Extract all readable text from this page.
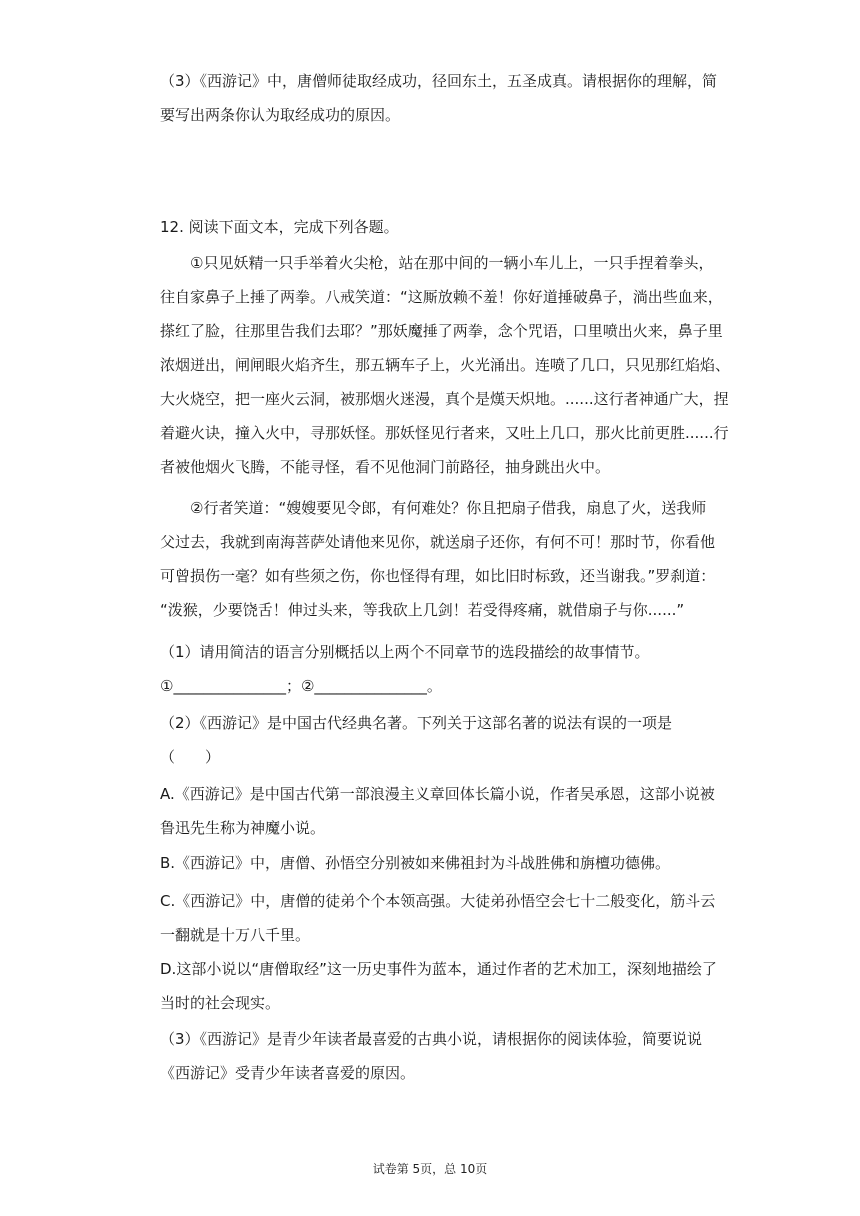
（3）《西游记》中，唐僧师徒取经成功，径回东土，五圣成真。请根据你的理解，简

要写出两条你认为取经成功的原因。

12. 阅读下面文本，完成下列各题。

　　①只见妖精一只手举着火尖枪，站在那中间的一辆小车儿上，一只手捏着拳头，

往自家鼻子上捶了两拳。八戒笑道：“这厮放赖不羞！你好道捶破鼻子，淌出些血来，

搽红了脸，往那里告我们去耶？”那妖魔捶了两拳，念个咒语，口里喷出火来，鼻子里

浓烟迸出，闸闸眼火焰齐生，那五辆车子上，火光涌出。连喷了几口，只见那红焰焰、

大火烧空，把一座火云洞，被那烟火迷漫，真个是熯天炽地。......这行者神通广大，捏

着避火诀，撞入火中，寻那妖怪。那妖怪见行者来，又吐上几口，那火比前更胜......行

者被他烟火飞腾，不能寻怪，看不见他洞门前路径，抽身跳出火中。

　　②行者笑道：“嫂嫂要见令郎，有何难处？你且把扇子借我，扇息了火，送我师

父过去，我就到南海菩萨处请他来见你，就送扇子还你，有何不可！那时节，你看他

可曾损伤一毫？如有些须之伤，你也怪得有理，如比旧时标致，还当谢我。”罗刹道：

“泼猴，少要饶舌！伸过头来，等我砍上几剑！若受得疼痛，就借扇子与你......”

（1）请用简洁的语言分别概括以上两个不同章节的选段描绘的故事情节。

①_______________；②_______________。

（2）《西游记》是中国古代经典名著。下列关于这部名著的说法有误的一项是

（　　）

A.《西游记》是中国古代第一部浪漫主义章回体长篇小说，作者吴承恩，这部小说被

鲁迅先生称为神魔小说。

B.《西游记》中，唐僧、孙悟空分别被如来佛祖封为斗战胜佛和旃檀功德佛。

C.《西游记》中，唐僧的徒弟个个本领高强。大徒弟孙悟空会七十二般变化，筋斗云

一翻就是十万八千里。

D.这部小说以“唐僧取经”这一历史事件为蓝本，通过作者的艺术加工，深刻地描绘了

当时的社会现实。

（3）《西游记》是青少年读者最喜爱的古典小说，请根据你的阅读体验，简要说说

《西游记》受青少年读者喜爱的原因。

试卷第 5页，总 10页
